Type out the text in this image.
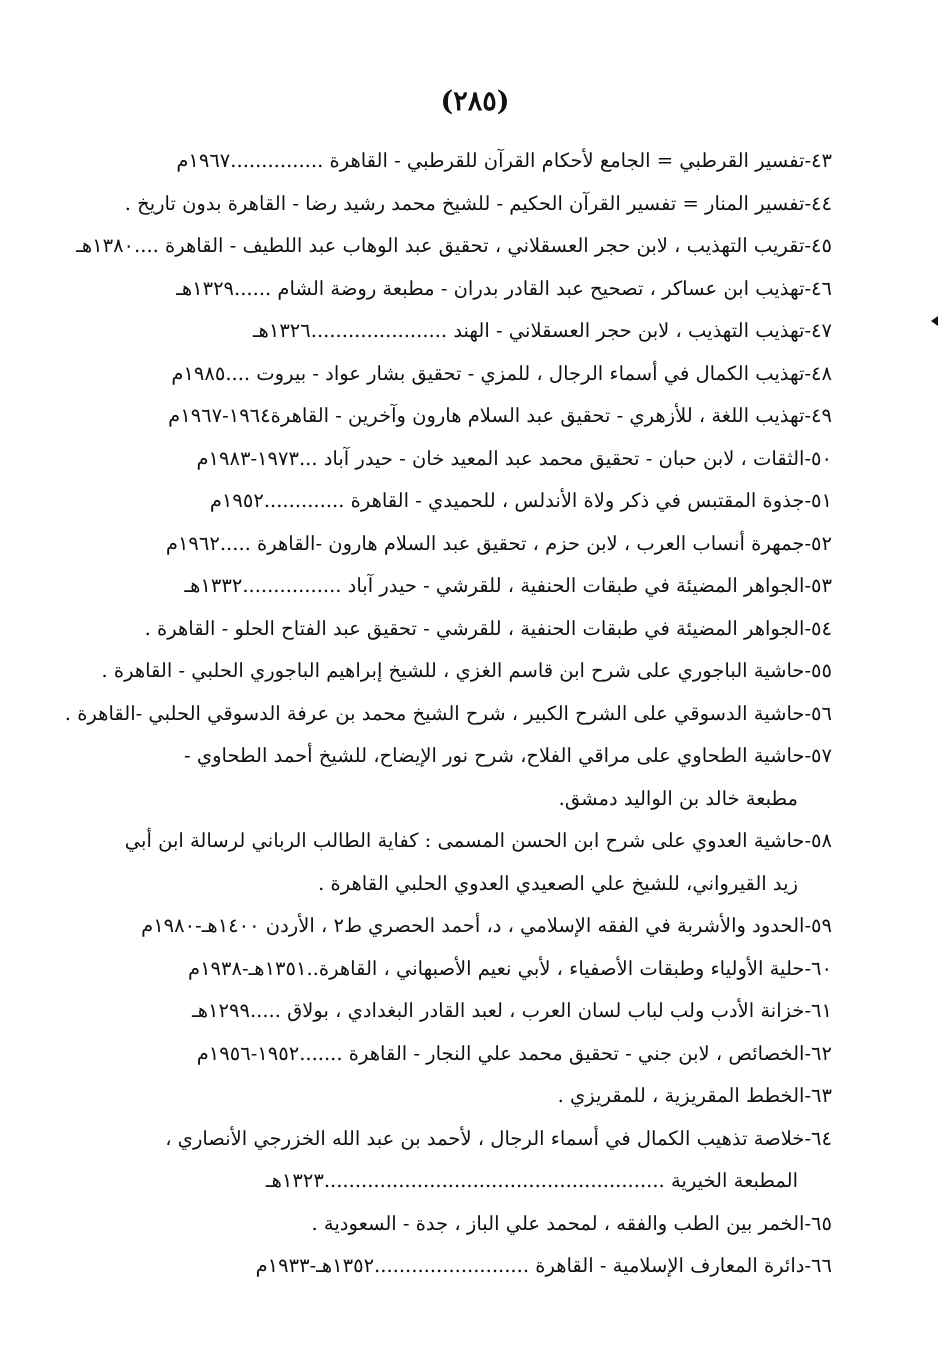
(٢٨٥)
٤٣-تفسير القرطبي = الجامع لأحكام القرآن للقرطبي - القاهرة ...............١٩٦٧م
٤٤-تفسير المنار = تفسير القرآن الحكيم - للشيخ محمد رشيد رضا - القاهرة بدون تاريخ .
٤٥-تقريب التهذيب ، لابن حجر العسقلاني ، تحقيق عبد الوهاب عبد اللطيف - القاهرة ....١٣٨٠هـ
٤٦-تهذيب ابن عساكر ، تصحيح عبد القادر بدران - مطبعة روضة الشام ......١٣٢٩هـ
٤٧-تهذيب التهذيب ، لابن حجر العسقلاني - الهند ......................١٣٢٦هـ
٤٨-تهذيب الكمال في أسماء الرجال ، للمزي - تحقيق بشار عواد - بيروت ....١٩٨٥م
٤٩-تهذيب اللغة ، للأزهري - تحقيق عبد السلام هارون وآخرين - القاهرة١٩٦٤-١٩٦٧م
٥٠-الثقات ، لابن حبان - تحقيق محمد عبد المعيد خان - حيدر آباد ...١٩٧٣-١٩٨٣م
٥١-جذوة المقتبس في ذكر ولاة الأندلس ، للحميدي - القاهرة .............١٩٥٢م
٥٢-جمهرة أنساب العرب ، لابن حزم ، تحقيق عبد السلام هارون -القاهرة .....١٩٦٢م
٥٣-الجواهر المضيئة في طبقات الحنفية ، للقرشي - حيدر آباد ................١٣٣٢هـ
٥٤-الجواهر المضيئة في طبقات الحنفية ، للقرشي - تحقيق عبد الفتاح الحلو - القاهرة .
٥٥-حاشية الباجوري على شرح ابن قاسم الغزي ، للشيخ إبراهيم الباجوري الحلبي - القاهرة .
٥٦-حاشية الدسوقي على الشرح الكبير ، شرح الشيخ محمد بن عرفة الدسوقي الحلبي -القاهرة .
٥٧-حاشية الطحاوي على مراقي الفلاح، شرح نور الإيضاح، للشيخ أحمد الطحاوي -
مطبعة خالد بن الواليد دمشق.
٥٨-حاشية العدوي على شرح ابن الحسن المسمى : كفاية الطالب الرباني لرسالة ابن أبي
زيد القيرواني، للشيخ علي الصعيدي العدوي الحلبي القاهرة .
٥٩-الحدود والأشربة في الفقه الإسلامي ، د، أحمد الحصري ط٢ ، الأردن ١٤٠٠هـ-١٩٨٠م
٦٠-حلية الأولياء وطبقات الأصفياء ، لأبي نعيم الأصبهاني ، القاهرة..١٣٥١هـ-١٩٣٨م
٦١-خزانة الأدب ولب لباب لسان العرب ، لعبد القادر البغدادي ، بولاق .....١٢٩٩هـ
٦٢-الخصائص ، لابن جني - تحقيق محمد علي النجار - القاهرة .......١٩٥٢-١٩٥٦م
٦٣-الخطط المقريزية ، للمقريزي .
٦٤-خلاصة تذهيب الكمال في أسماء الرجال ، لأحمد بن عبد الله الخزرجي الأنصاري ،
المطبعة الخيرية .......................................................١٣٢٣هـ
٦٥-الخمر بين الطب والفقه ، لمحمد علي الباز ، جدة - السعودية .
٦٦-دائرة المعارف الإسلامية - القاهرة .........................١٣٥٢هـ-١٩٣٣م
